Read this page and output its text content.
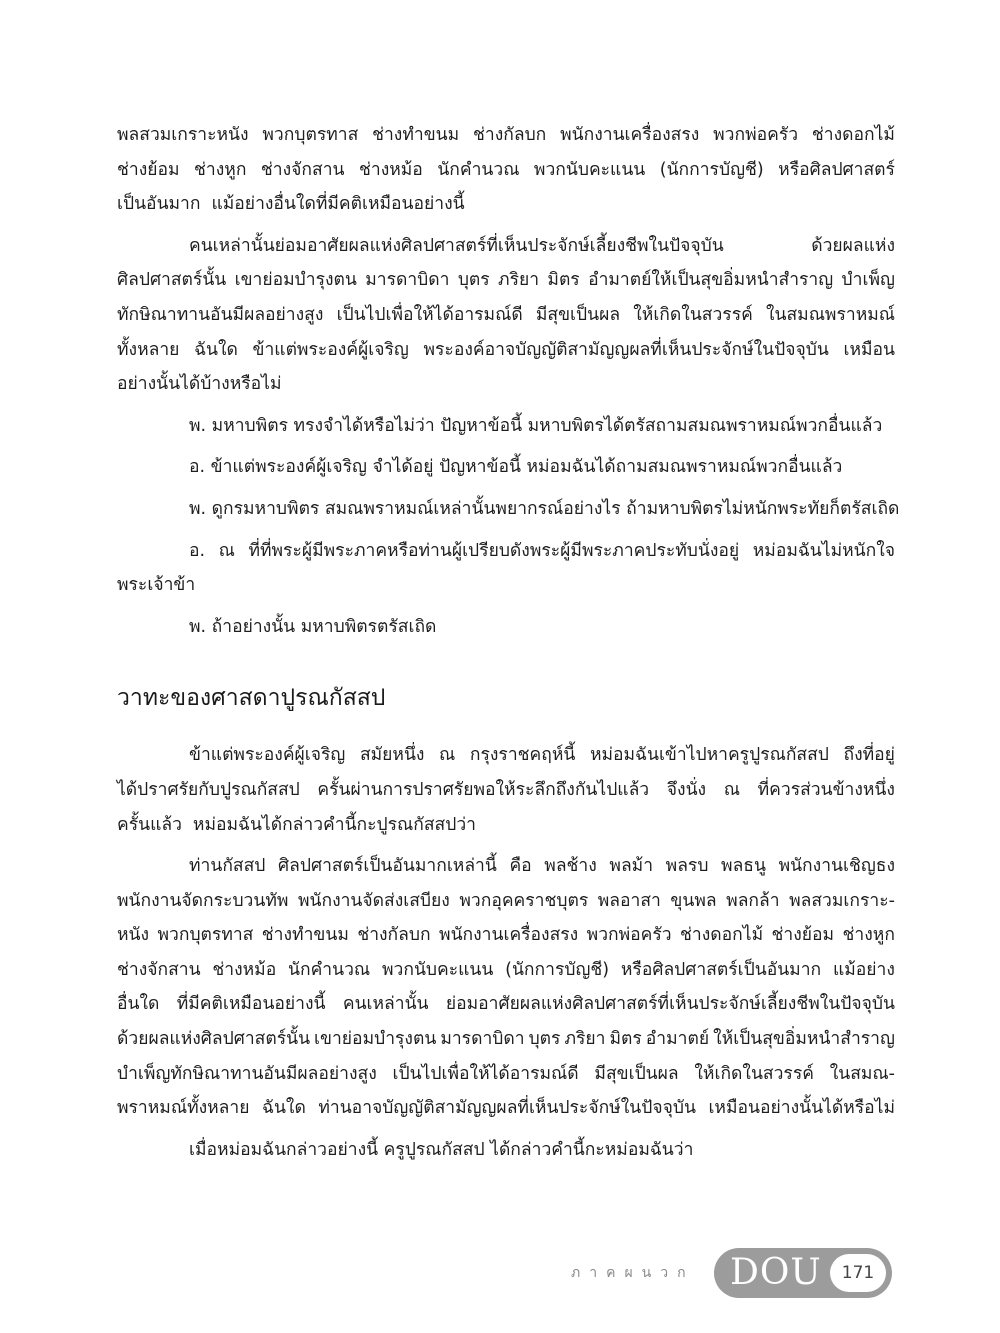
พลสวมเกราะหนัง พวกบุตรทาส ช่างทำขนม ช่างกัลบก พนักงานเครื่องสรง พวกพ่อครัว ช่างดอกไม้
ช่างย้อม ช่างหูก ช่างจักสาน ช่างหม้อ นักคำนวณ พวกนับคะแนน (นักการบัญชี) หรือศิลปศาสตร์
เป็นอันมาก แม้อย่างอื่นใดที่มีคติเหมือนอย่างนี้
คนเหล่านั้นย่อมอาศัยผลแห่งศิลปศาสตร์ที่เห็นประจักษ์เลี้ยงชีพในปัจจุบัน	ด้วยผลแห่ง
ศิลปศาสตร์นั้น เขาย่อมบำรุงตน มารดาบิดา บุตร ภริยา มิตร อำมาตย์ให้เป็นสุขอิ่มหนำสำราญ บำเพ็ญ
ทักษิณาทานอันมีผลอย่างสูง เป็นไปเพื่อให้ได้อารมณ์ดี มีสุขเป็นผล ให้เกิดในสวรรค์ ในสมณพราหมณ์
ทั้งหลาย ฉันใด ข้าแต่พระองค์ผู้เจริญ พระองค์อาจบัญญัติสามัญญผลที่เห็นประจักษ์ในปัจจุบัน เหมือน
อย่างนั้นได้บ้างหรือไม่
พ. มหาบพิตร ทรงจำได้หรือไม่ว่า ปัญหาข้อนี้ มหาบพิตรได้ตรัสถามสมณพราหมณ์พวกอื่นแล้ว
อ. ข้าแต่พระองค์ผู้เจริญ จำได้อยู่ ปัญหาข้อนี้ หม่อมฉันได้ถามสมณพราหมณ์พวกอื่นแล้ว
พ. ดูกรมหาบพิตร สมณพราหมณ์เหล่านั้นพยากรณ์อย่างไร ถ้ามหาบพิตรไม่หนักพระทัยก็ตรัสเถิด
อ. ณ ที่ที่พระผู้มีพระภาคหรือท่านผู้เปรียบดังพระผู้มีพระภาคประทับนั่งอยู่ หม่อมฉันไม่หนักใจ
พระเจ้าข้า
พ. ถ้าอย่างนั้น มหาบพิตรตรัสเถิด
วาทะของศาสดาปูรณกัสสป
ข้าแต่พระองค์ผู้เจริญ สมัยหนึ่ง ณ กรุงราชคฤห์นี้ หม่อมฉันเข้าไปหาครูปูรณกัสสป ถึงที่อยู่
ได้ปราศรัยกับปูรณกัสสป ครั้นผ่านการปราศรัยพอให้ระลึกถึงกันไปแล้ว จึงนั่ง ณ ที่ควรส่วนข้างหนึ่ง
ครั้นแล้ว หม่อมฉันได้กล่าวคำนี้กะปูรณกัสสปว่า
ท่านกัสสป ศิลปศาสตร์เป็นอันมากเหล่านี้ คือ พลช้าง พลม้า พลรบ พลธนู พนักงานเชิญธง
พนักงานจัดกระบวนทัพ พนักงานจัดส่งเสบียง พวกอุคคราชบุตร พลอาสา ขุนพล พลกล้า พลสวมเกราะ-
หนัง พวกบุตรทาส ช่างทำขนม ช่างกัลบก พนักงานเครื่องสรง พวกพ่อครัว ช่างดอกไม้ ช่างย้อม ช่างหูก
ช่างจักสาน ช่างหม้อ นักคำนวณ พวกนับคะแนน (นักการบัญชี) หรือศิลปศาสตร์เป็นอันมาก แม้อย่าง
อื่นใด ที่มีคติเหมือนอย่างนี้ คนเหล่านั้น ย่อมอาศัยผลแห่งศิลปศาสตร์ที่เห็นประจักษ์เลี้ยงชีพในปัจจุบัน
ด้วยผลแห่งศิลปศาสตร์นั้น เขาย่อมบำรุงตน มารดาบิดา บุตร ภริยา มิตร อำมาตย์ ให้เป็นสุขอิ่มหนำสำราญ
บำเพ็ญทักษิณาทานอันมีผลอย่างสูง เป็นไปเพื่อให้ได้อารมณ์ดี มีสุขเป็นผล ให้เกิดในสวรรค์ ในสมณ-
พราหมณ์ทั้งหลาย ฉันใด ท่านอาจบัญญัติสามัญญผลที่เห็นประจักษ์ในปัจจุบัน เหมือนอย่างนั้นได้หรือไม่
เมื่อหม่อมฉันกล่าวอย่างนี้ ครูปูรณกัสสป ได้กล่าวคำนี้กะหม่อมฉันว่า
ภาคผนวก DOU	171
